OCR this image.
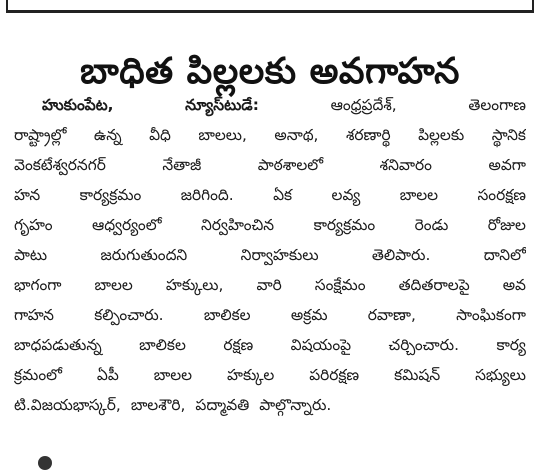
బాధిత పిల్లలకు అవగాహన
హుకుంపేట,	న్యూస్‌టుడే:	ఆంధ్రప్రదేశ్‌,	తెలంగాణ
రాష్ట్రాల్లో ఉన్న వీధి బాలలు, అనాథ, శరణార్థి పిల్లలకు స్థానిక
వెంకటేశ్వరనగర్‌	నేతాజీ	పాఠశాలలో	శనివారం	అవగా
హన	కార్యక్రమం	జరిగింది.	ఏక	లవ్య	బాలల	సంరక్షణ
గృహం	ఆధ్వర్యంలో	నిర్వహించిన	కార్యక్రమం	రెండు	రోజుల
పాటు	జరుగుతుందని	నిర్వాహకులు	తెలిపారు.	దానిలో
భాగంగా బాలల హక్కులు, వారి సంక్షేమం తదితరాలపై అవ
గాహన	కల్పించారు.	బాలికల	అక్రమ	రవాణా,	సాంఘికంగా
బాధపడుతున్న బాలికల రక్షణ విషయంపై చర్చించారు. కార్య
క్రమంలో ఏపీ బాలల హక్కుల పరిరక్షణ కమిషన్‌ సభ్యులు
టి.విజయభాస్కర్‌, బాలశౌరి, పద్మావతి పాల్గొన్నారు.
